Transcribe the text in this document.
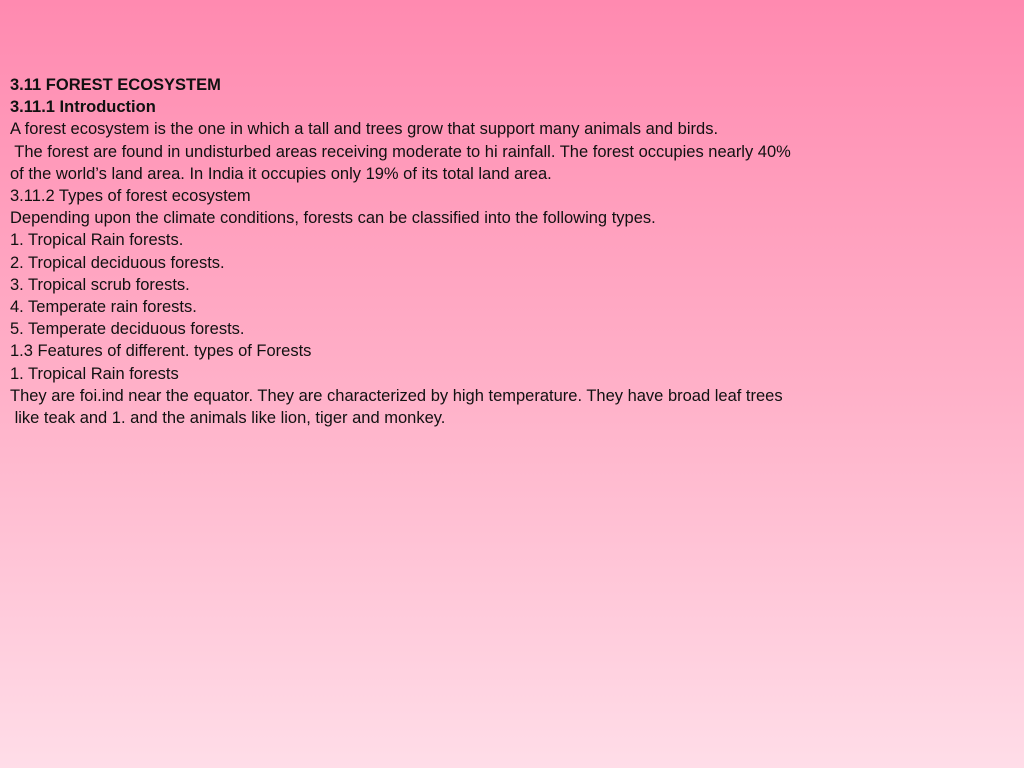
3.11 FOREST ECOSYSTEM
3.11.1 Introduction
A forest ecosystem is the one in which a tall and trees grow that support many animals and birds.
The forest are found in undisturbed areas receiving moderate to hi rainfall. The forest occupies nearly 40%
of the world’s land area. In India it occupies only 19% of its total land area.
3.11.2 Types of forest ecosystem
Depending upon the climate conditions, forests can be classified into the following types.
1. Tropical Rain forests.
2. Tropical deciduous forests.
3. Tropical scrub forests.
4. Temperate rain forests.
5. Temperate deciduous forests.
1.3 Features of different. types of Forests
1. Tropical Rain forests
They are foi.ind near the equator. They are characterized by high temperature. They have broad leaf trees
like teak and 1. and the animals like lion, tiger and monkey.
